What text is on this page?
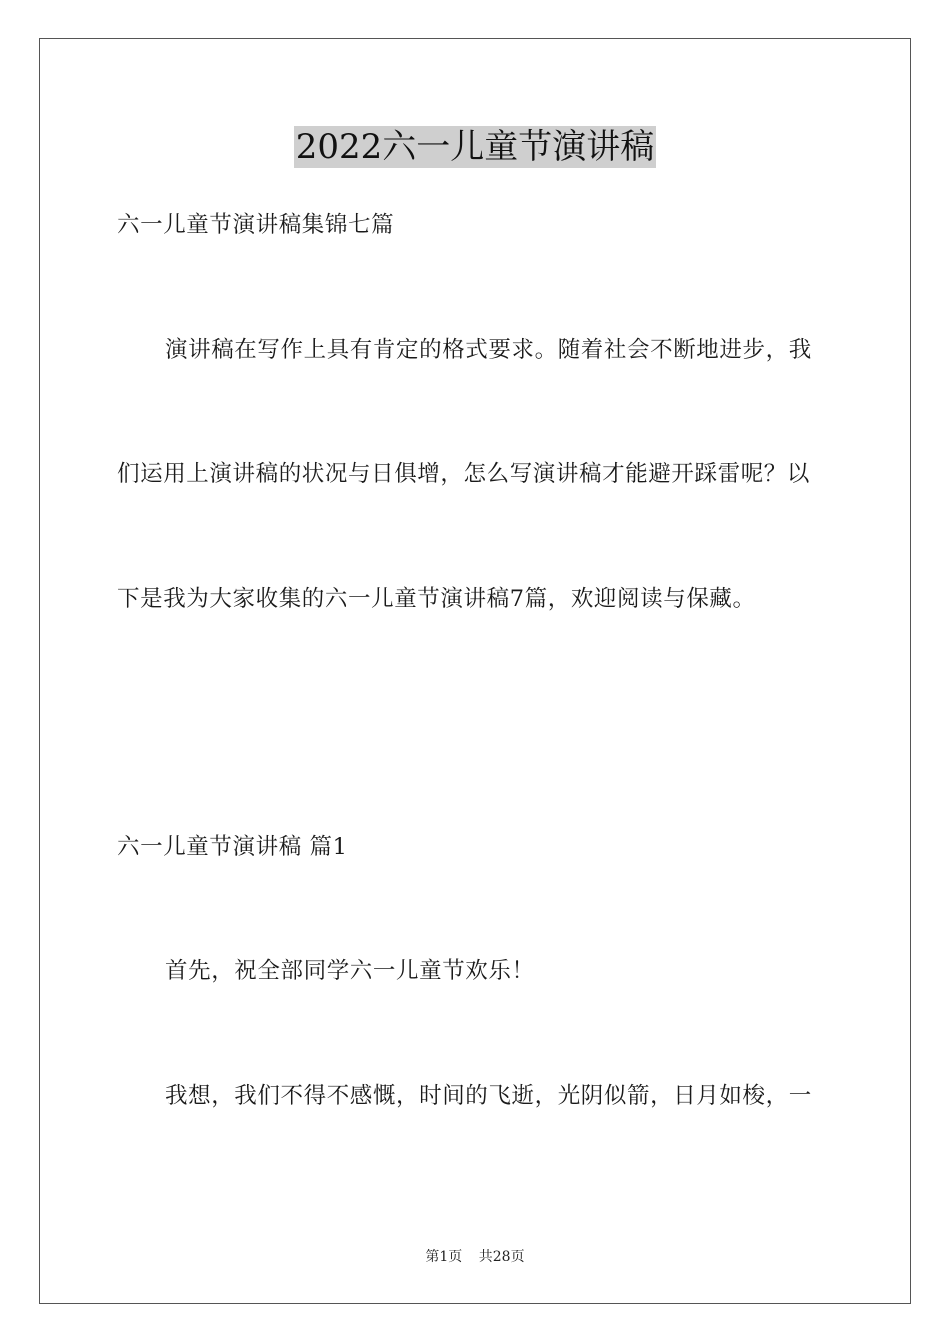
2022六一儿童节演讲稿
六一儿童节演讲稿集锦七篇
演讲稿在写作上具有肯定的格式要求。随着社会不断地进步，我
们运用上演讲稿的状况与日俱增，怎么写演讲稿才能避开踩雷呢？以
下是我为大家收集的六一儿童节演讲稿7篇，欢迎阅读与保藏。
六一儿童节演讲稿 篇1
首先，祝全部同学六一儿童节欢乐！
我想，我们不得不感慨，时间的飞逝，光阴似箭，日月如梭，一
第1页 共28页
